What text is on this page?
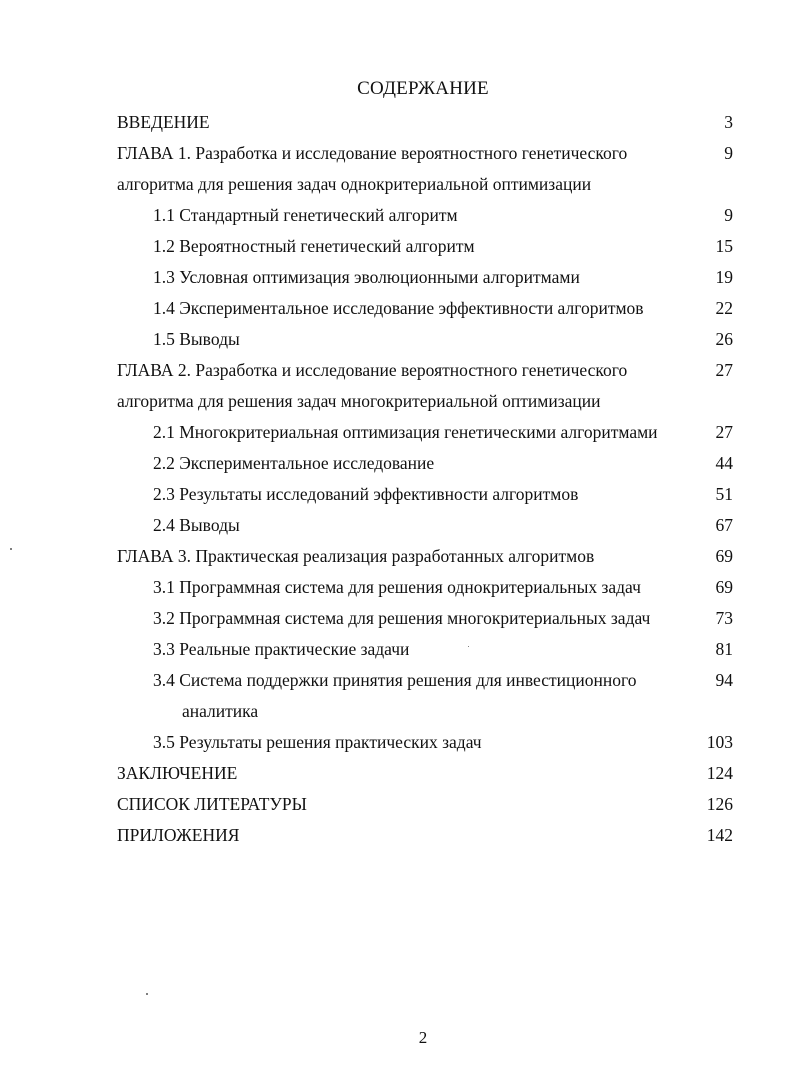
СОДЕРЖАНИЕ
ВВЕДЕНИЕ	3
ГЛАВА 1. Разработка и исследование вероятностного генетического	9
алгоритма для решения задач однокритериальной оптимизации
1.1 Стандартный генетический алгоритм	9
1.2 Вероятностный генетический алгоритм	15
1.3 Условная оптимизация эволюционными алгоритмами	19
1.4 Экспериментальное исследование эффективности алгоритмов	22
1.5 Выводы	26
ГЛАВА 2. Разработка и исследование вероятностного генетического	27
алгоритма для решения задач многокритериальной оптимизации
2.1 Многокритериальная оптимизация генетическими алгоритмами	27
2.2 Экспериментальное исследование	44
2.3 Результаты исследований эффективности алгоритмов	51
2.4 Выводы	67
ГЛАВА 3. Практическая реализация разработанных алгоритмов	69
3.1 Программная система для решения однокритериальных задач	69
3.2 Программная система для решения многокритериальных задач	73
3.3 Реальные практические задачи	81
3.4 Система поддержки принятия решения для инвестиционного	94
аналитика
3.5 Результаты решения практических задач	103
ЗАКЛЮЧЕНИЕ	124
СПИСОК ЛИТЕРАТУРЫ	126
ПРИЛОЖЕНИЯ	142
2
